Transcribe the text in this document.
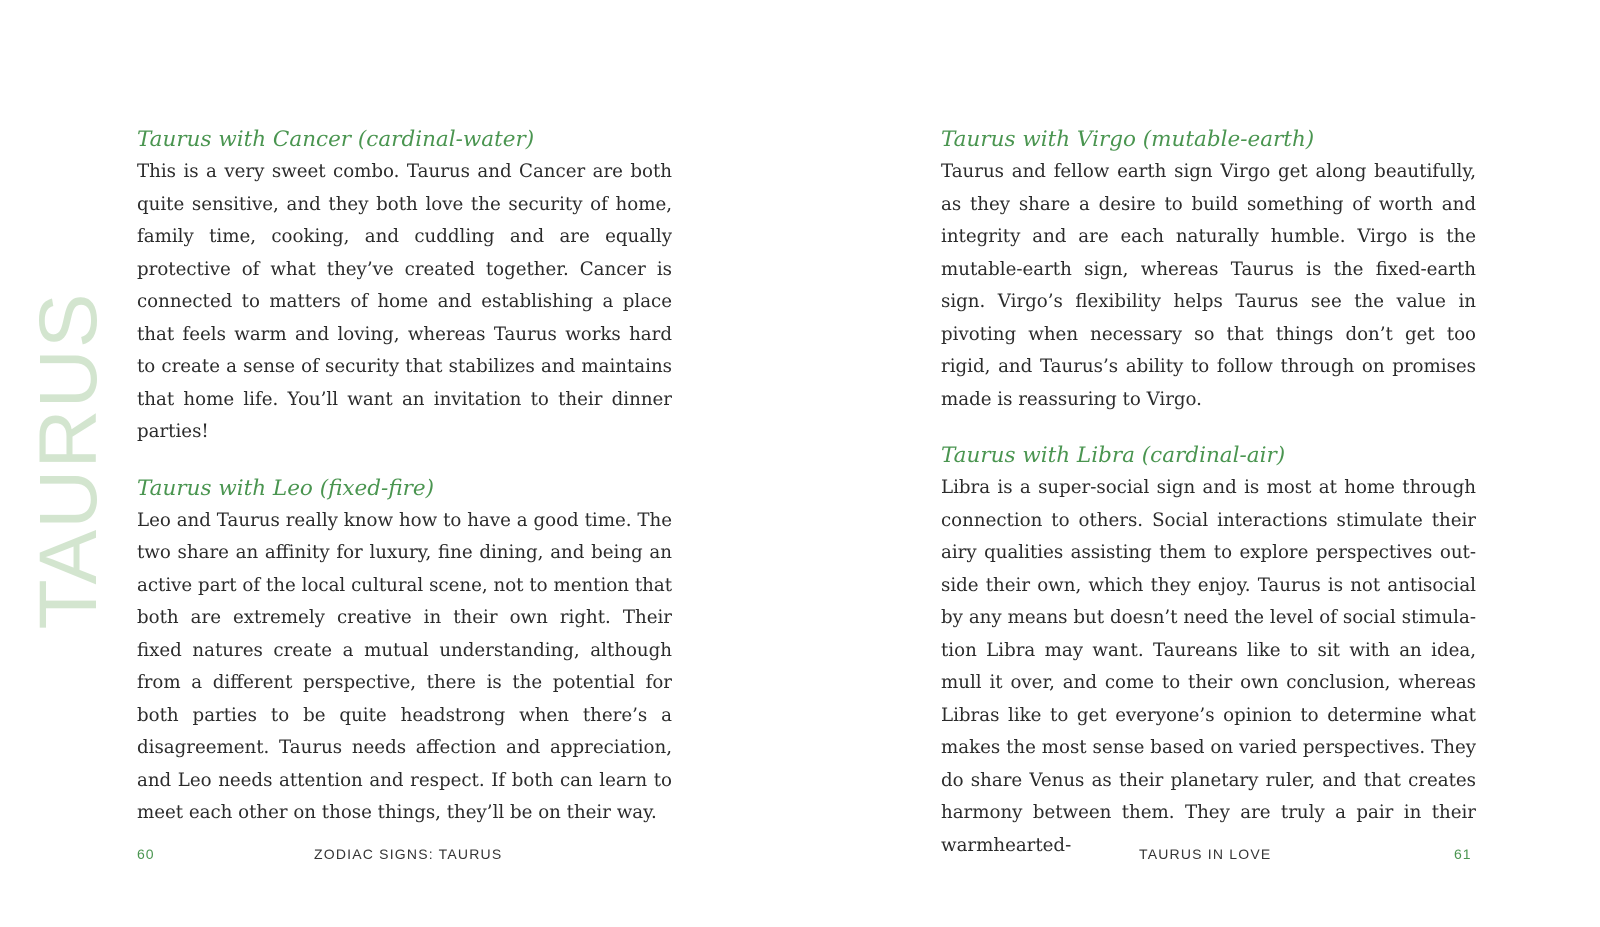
TAURUS

Taurus with Cancer (cardinal-water)

This is a very sweet combo. Taurus and Cancer are both quite sensitive, and they both love the security of home, family time, cooking, and cuddling and are equally protective of what they’ve created together. Cancer is connected to matters of home and establishing a place that feels warm and loving, whereas Taurus works hard to create a sense of security that stabilizes and maintains that home life. You’ll want an invitation to their dinner parties!

Taurus with Leo (fixed-fire)

Leo and Taurus really know how to have a good time. The two share an affinity for luxury, fine dining, and being an active part of the local cultural scene, not to mention that both are extremely creative in their own right. Their fixed natures create a mutual understanding, although from a different perspective, there is the potential for both parties to be quite headstrong when there’s a disagreement. Taurus needs affection and appreciation, and Leo needs attention and respect. If both can learn to meet each other on those things, they’ll be on their way.

Taurus with Virgo (mutable-earth)

Taurus and fellow earth sign Virgo get along beautifully, as they share a desire to build something of worth and integrity and are each naturally humble. Virgo is the mutable-earth sign, whereas Taurus is the fixed-earth sign. Virgo’s flexibility helps Taurus see the value in pivoting when necessary so that things don’t get too rigid, and Taurus’s ability to follow through on promises made is reassuring to Virgo.

Taurus with Libra (cardinal-air)

Libra is a super-social sign and is most at home through connection to others. Social interactions stimulate their airy qualities assisting them to explore perspectives outside their own, which they enjoy. Taurus is not antisocial by any means but doesn’t need the level of social stimulation Libra may want. Taureans like to sit with an idea, mull it over, and come to their own conclusion, whereas Libras like to get everyone’s opinion to determine what makes the most sense based on varied perspectives. They do share Venus as their planetary ruler, and that creates harmony between them. They are truly a pair in their warmhearted-

60	ZODIAC SIGNS: TAURUS	TAURUS IN LOVE	61
